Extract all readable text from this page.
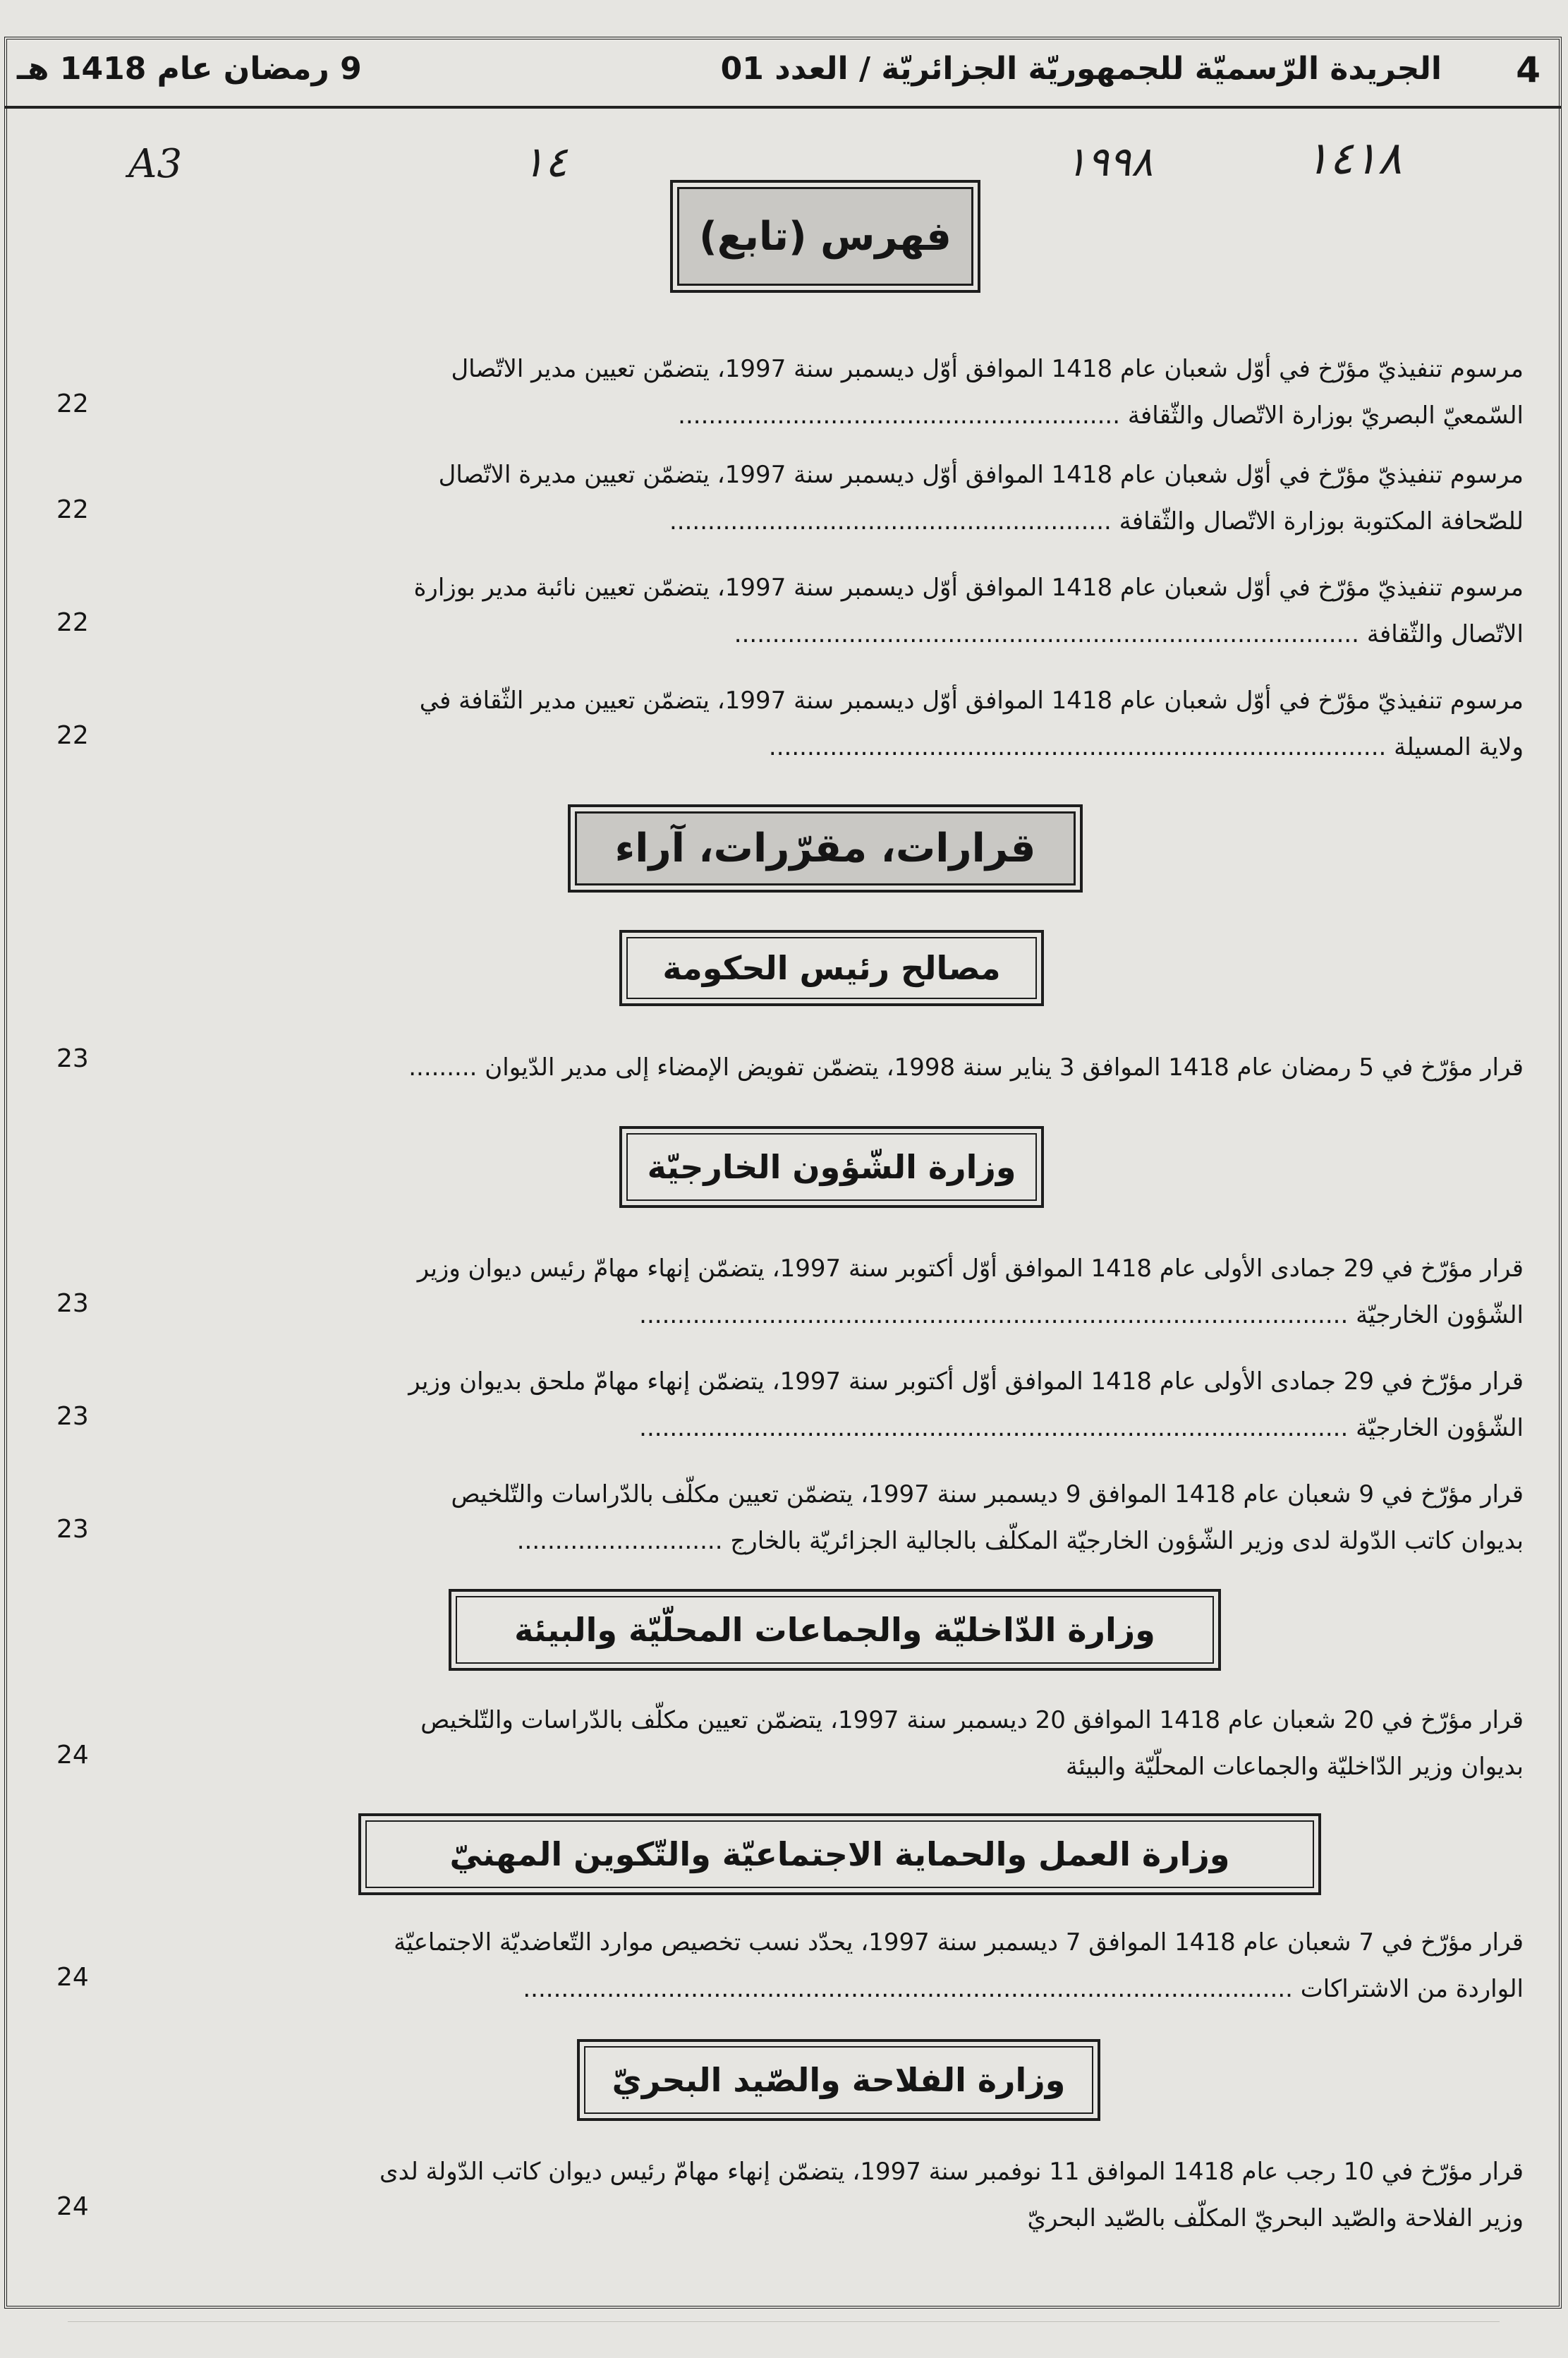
4
الجريدة الرّسميّة للجمهوريّة الجزائريّة / العدد 01
9 رمضان عام 1418 هـ
A3	١٤	١٩٩٨	١٤١٨
فهرس (تابع)
مرسوم تنفيذيّ مؤرّخ في أوّل شعبان عام 1418 الموافق أوّل ديسمبر سنة 1997، يتضمّن تعيين مدير الاتّصال
السّمعيّ البصريّ بوزارة الاتّصال والثّقافة ..........................................................
22
مرسوم تنفيذيّ مؤرّخ في أوّل شعبان عام 1418 الموافق أوّل ديسمبر سنة 1997، يتضمّن تعيين مديرة الاتّصال
للصّحافة المكتوبة بوزارة الاتّصال والثّقافة ..........................................................
22
مرسوم تنفيذيّ مؤرّخ في أوّل شعبان عام 1418 الموافق أوّل ديسمبر سنة 1997، يتضمّن تعيين نائبة مدير بوزارة
الاتّصال والثّقافة ..................................................................................
22
مرسوم تنفيذيّ مؤرّخ في أوّل شعبان عام 1418 الموافق أوّل ديسمبر سنة 1997، يتضمّن تعيين مدير الثّقافة في
ولاية المسيلة .................................................................................
22
قرارات، مقرّرات، آراء
مصالح رئيس الحكومة
قرار مؤرّخ في 5 رمضان عام 1418 الموافق 3 يناير سنة 1998، يتضمّن تفويض الإمضاء إلى مدير الدّيوان .........
23
وزارة الشّؤون الخارجيّة
قرار مؤرّخ في 29 جمادى الأولى عام 1418 الموافق أوّل أكتوبر سنة 1997، يتضمّن إنهاء مهامّ رئيس ديوان وزير
الشّؤون الخارجيّة .............................................................................................
23
قرار مؤرّخ في 29 جمادى الأولى عام 1418 الموافق أوّل أكتوبر سنة 1997، يتضمّن إنهاء مهامّ ملحق بديوان وزير
الشّؤون الخارجيّة .............................................................................................
23
قرار مؤرّخ في 9 شعبان عام 1418 الموافق 9 ديسمبر سنة 1997، يتضمّن تعيين مكلّف بالدّراسات والتّلخيص
بديوان كاتب الدّولة لدى وزير الشّؤون الخارجيّة المكلّف بالجالية الجزائريّة بالخارج ...........................
23
وزارة الدّاخليّة والجماعات المحلّيّة والبيئة
قرار مؤرّخ في 20 شعبان عام 1418 الموافق 20 ديسمبر سنة 1997، يتضمّن تعيين مكلّف بالدّراسات والتّلخيص
بديوان وزير الدّاخليّة والجماعات المحلّيّة والبيئة
24
وزارة العمل والحماية الاجتماعيّة والتّكوين المهنيّ
قرار مؤرّخ في 7 شعبان عام 1418 الموافق 7 ديسمبر سنة 1997، يحدّد نسب تخصيص موارد التّعاضديّة الاجتماعيّة
الواردة من الاشتراكات .....................................................................................................
24
وزارة الفلاحة والصّيد البحريّ
قرار مؤرّخ في 10 رجب عام 1418 الموافق 11 نوفمبر سنة 1997، يتضمّن إنهاء مهامّ رئيس ديوان كاتب الدّولة لدى
وزير الفلاحة والصّيد البحريّ المكلّف بالصّيد البحريّ
24
